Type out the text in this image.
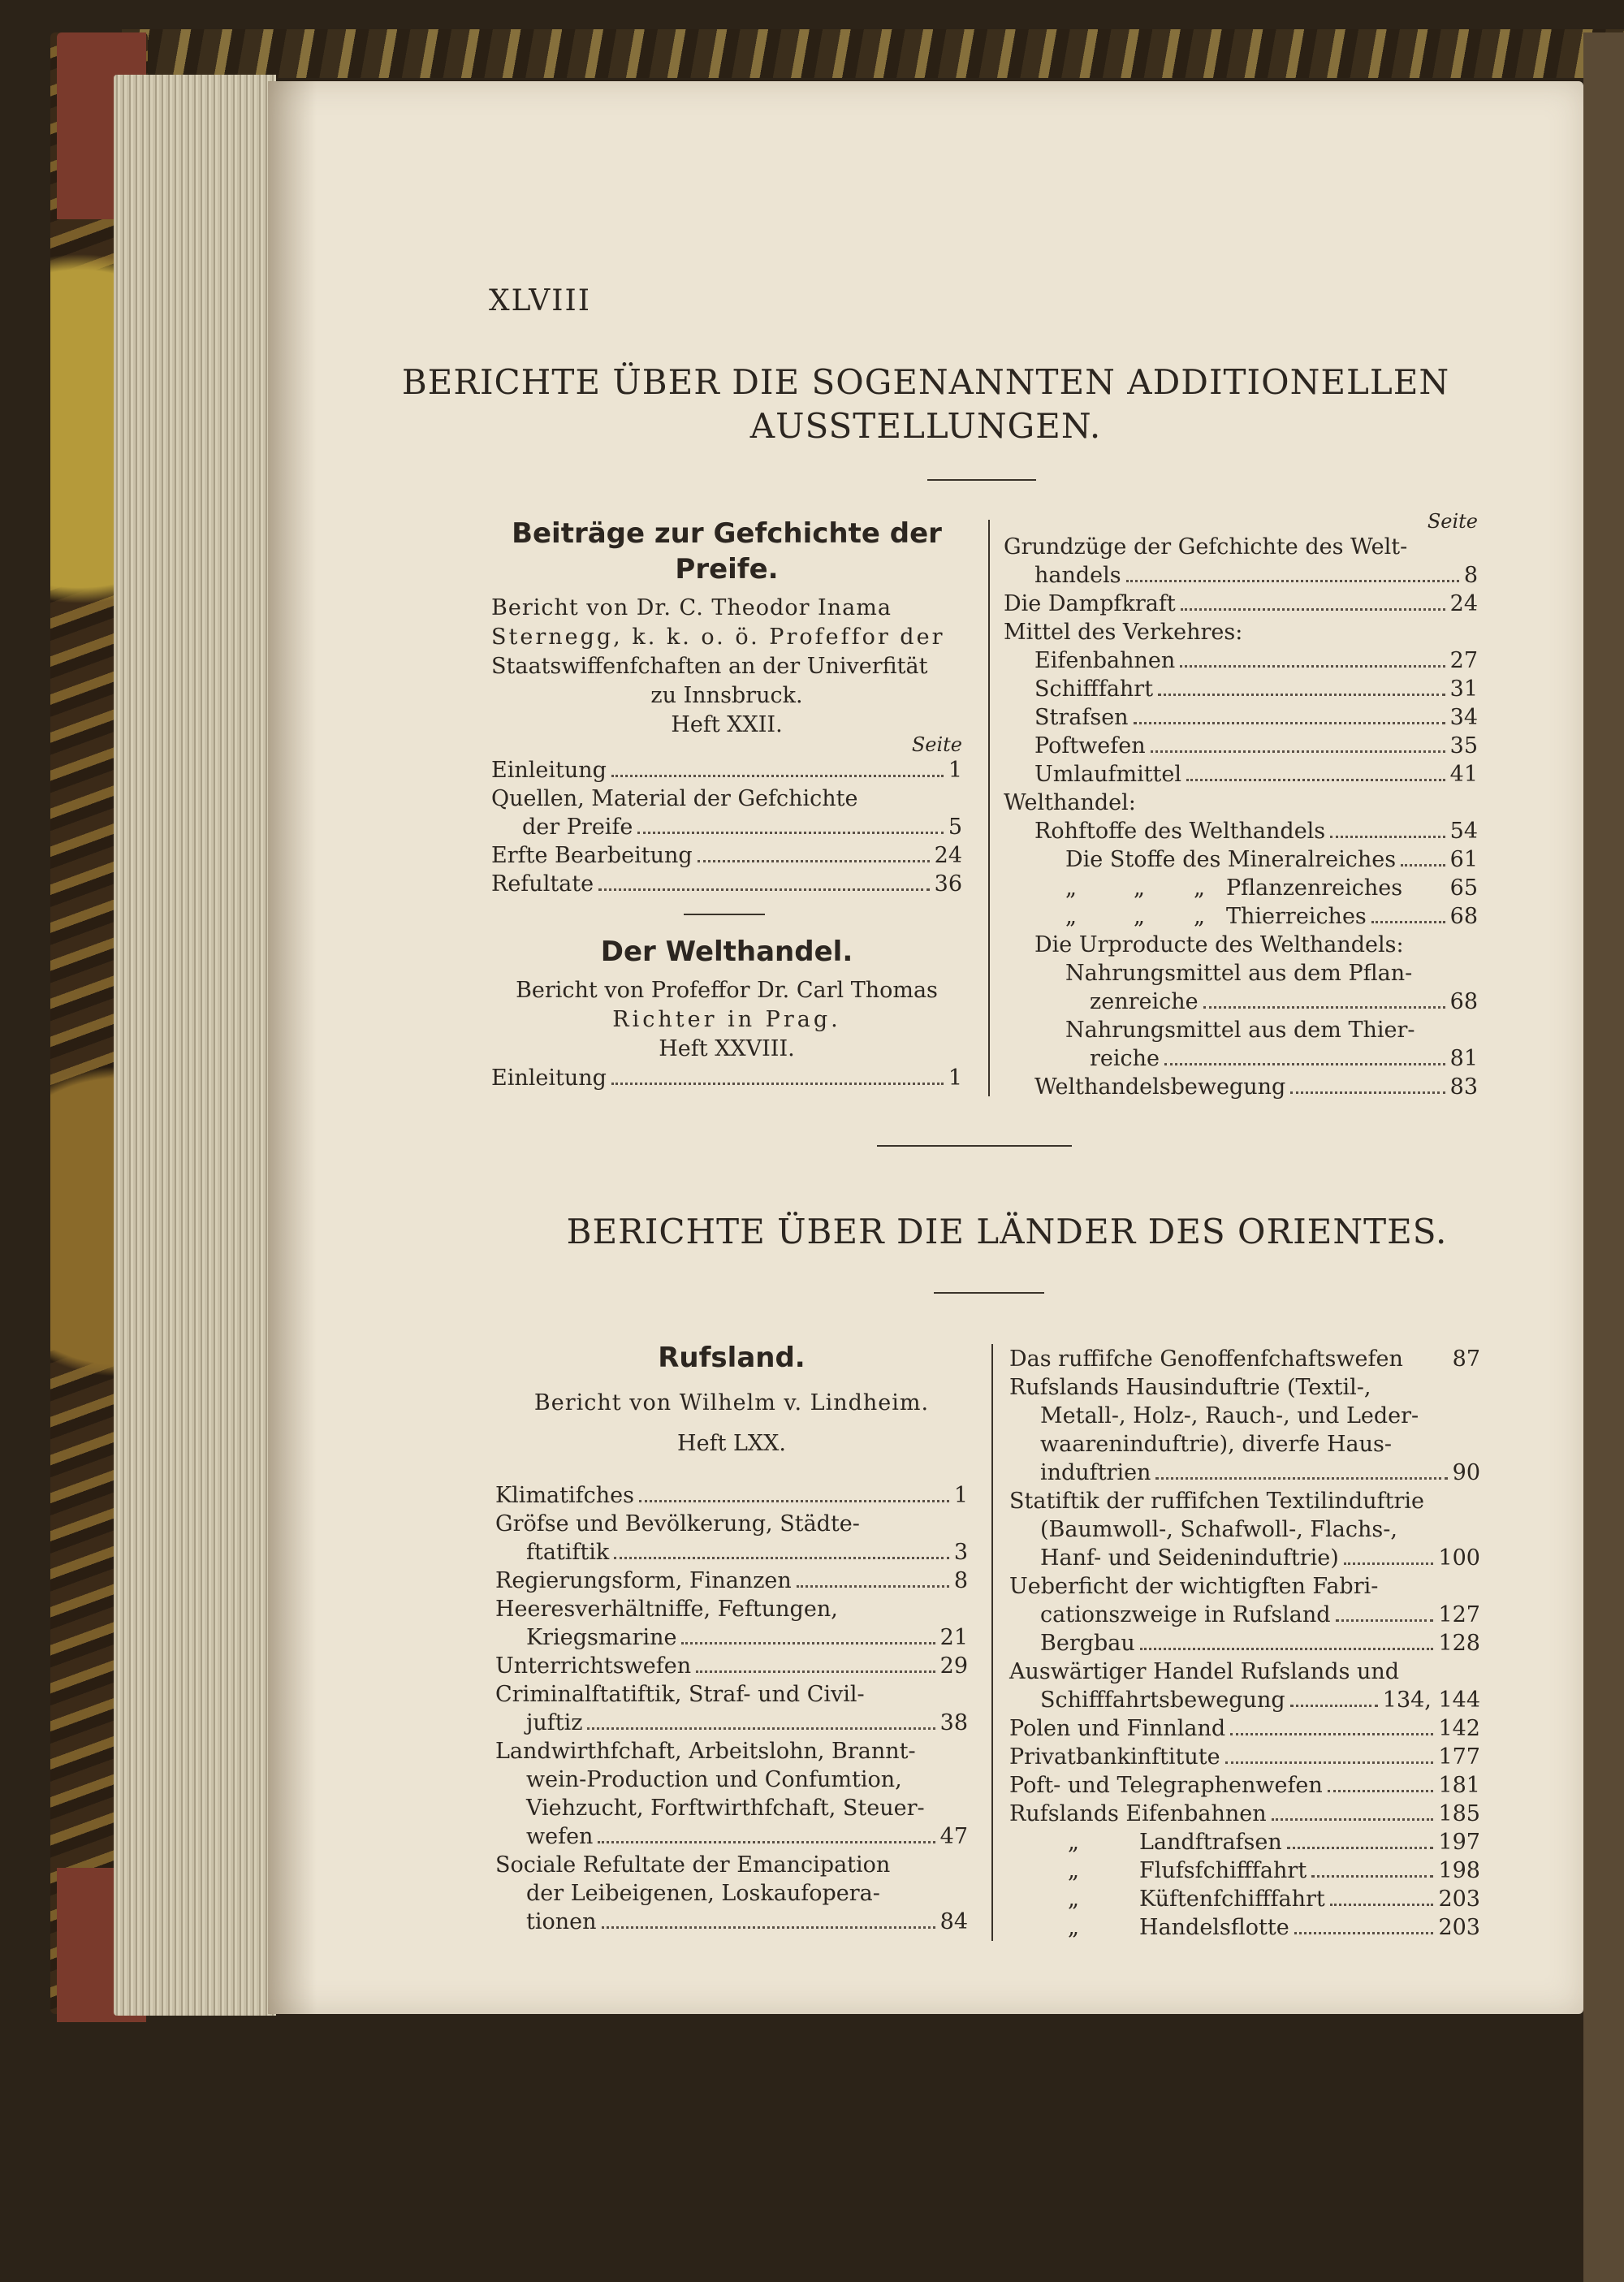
XLVIII
BERICHTE ÜBER DIE SOGENANNTEN ADDITIONELLEN
AUSSTELLUNGEN.
Beiträge zur Gefchichte der
Preife.
Bericht von Dr. C. Theodor Inama
Sternegg, k. k. o. ö. Profeffor der
Staatswiffenfchaften an der Univerfität
zu Innsbruck.
Heft XXII.
Seite
Einleitung	1
Quellen, Material der Gefchichte
der Preife	5
Erfte Bearbeitung	24
Refultate	36
Der Welthandel.
Bericht von Profeffor Dr. Carl Thomas
Richter in Prag.
Heft XXVIII.
Einleitung	1
Seite
Grundzüge der Gefchichte des Welt-
handels	8
Die Dampfkraft	24
Mittel des Verkehres:
Eifenbahnen	27
Schifffahrt	31
Strafsen	34
Poftwefen	35
Umlaufmittel	41
Welthandel:
Rohftoffe des Welthandels	54
Die Stoffe des Mineralreiches 61
„	„ „ Pflanzenreiches 65
„	„ „ Thierreiches	68
Die Urproducte des Welthandels:
Nahrungsmittel aus dem Pflan-
zenreiche	68
Nahrungsmittel aus dem Thier-
reiche	81
Welthandelsbewegung	83
BERICHTE ÜBER DIE LÄNDER DES ORIENTES.
Rufsland.
Bericht von Wilhelm v. Lindheim.
Heft LXX.
Klimatifches	1
Gröfse und Bevölkerung, Städte-
ftatiftik	3
Regierungsform, Finanzen	8
Heeresverhältniffe, Feftungen,
Kriegsmarine	21
Unterrichtswefen	29
Criminalftatiftik, Straf- und Civil-
juftiz	38
Landwirthfchaft, Arbeitslohn, Brannt-
wein-Production und Confumtion,
Viehzucht, Forftwirthfchaft, Steuer-
wefen	47
Sociale Refultate der Emancipation
der Leibeigenen, Loskaufopera-
tionen	84
Das ruffifche Genoffenfchaftswefen 87
Rufslands Hausinduftrie (Textil-,
Metall-, Holz-, Rauch-, und Leder-
waareninduftrie), diverfe Haus-
induftrien	90
Statiftik der ruffifchen Textilinduftrie
(Baumwoll-, Schafwoll-, Flachs-,
Hanf- und Seideninduftrie)	100
Ueberficht der wichtigften Fabri-
cationszweige in Rufsland	127
Bergbau	128
Auswärtiger Handel Rufslands und
Schifffahrtsbewegung	134, 144
Polen und Finnland	142
Privatbankinftitute	177
Poft- und Telegraphenwefen	181
Rufslands Eifenbahnen	185
„	Landftrafsen	197
„	Flufsfchifffahrt	198
„	Küftenfchifffahrt	203
„	Handelsflotte	203
